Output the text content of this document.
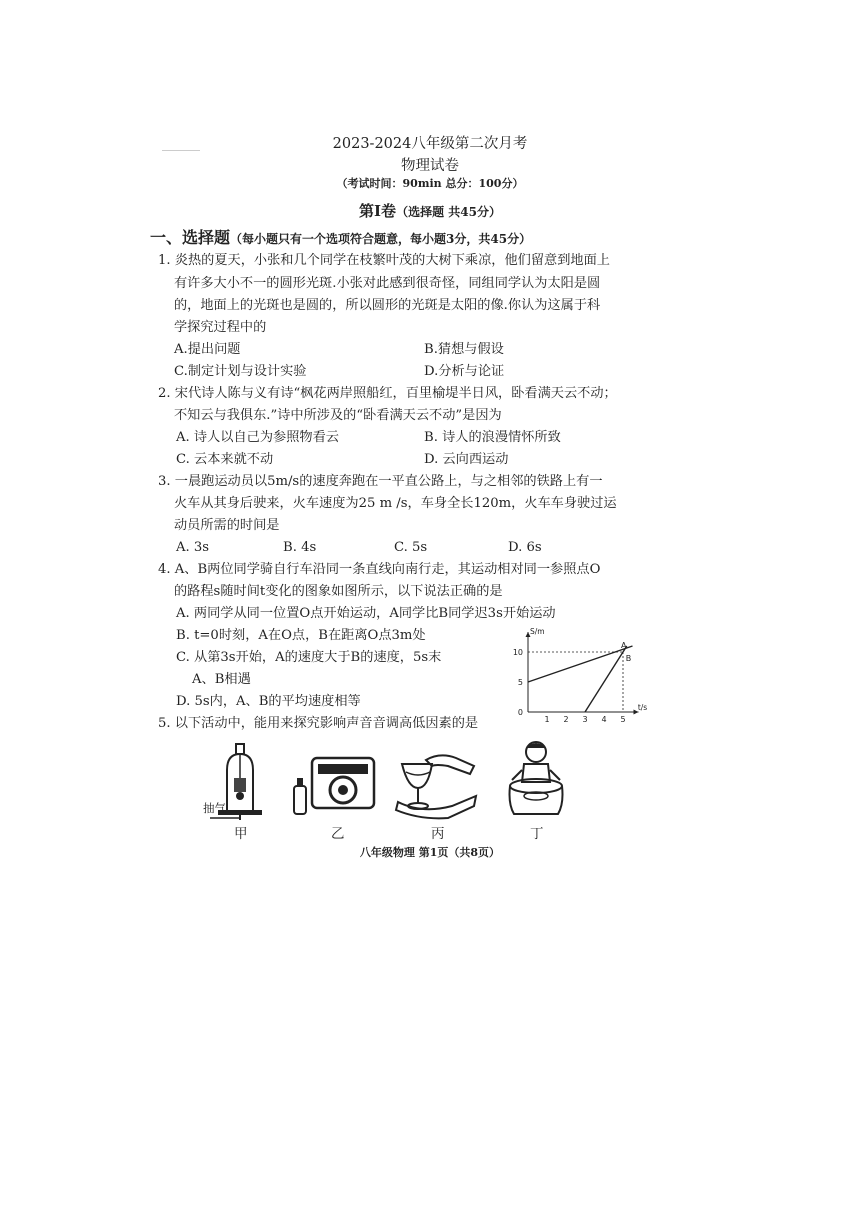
2023-2024八年级第二次月考
物理试卷
（考试时间：90min 总分：100分）
第Ⅰ卷（选择题 共45分）
一、选择题（每小题只有一个选项符合题意，每小题3分，共45分）
1. 炎热的夏天，小张和几个同学在枝繁叶茂的大树下乘凉，他们留意到地面上
有许多大小不一的圆形光斑.小张对此感到很奇怪，同组同学认为太阳是圆
的，地面上的光斑也是圆的，所以圆形的光斑是太阳的像.你认为这属于科
学探究过程中的
A.提出问题	B.猜想与假设
C.制定计划与设计实验	D.分析与论证
2. 宋代诗人陈与义有诗“枫花两岸照船红，百里榆堤半日风，卧看满天云不动；
不知云与我俱东.”诗中所涉及的“卧看满天云不动”是因为
A. 诗人以自己为参照物看云	B. 诗人的浪漫情怀所致
C. 云本来就不动	D. 云向西运动
3. 一晨跑运动员以5m/s的速度奔跑在一平直公路上，与之相邻的铁路上有一
火车从其身后驶来，火车速度为25 m /s，车身全长120m，火车车身驶过运
动员所需的时间是
A. 3s	B. 4s	C. 5s	D. 6s
4. A、B两位同学骑自行车沿同一条直线向南行走，其运动相对同一参照点O
的路程s随时间t变化的图象如图所示，以下说法正确的是
A. 两同学从同一位置O点开始运动，A同学比B同学迟3s开始运动
B. t=0时刻，A在O点，B在距离O点3m处
C. 从第3s开始，A的速度大于B的速度，5s末
A、B相遇
D. 5s内，A、B的平均速度相等
1 2 3 4 5
5
10
0
S/m
t/s
A
B
5. 以下活动中，能用来探究影响声音音调高低因素的是
抽气
甲	乙	丙	丁
八年级物理 第1页（共8页）
